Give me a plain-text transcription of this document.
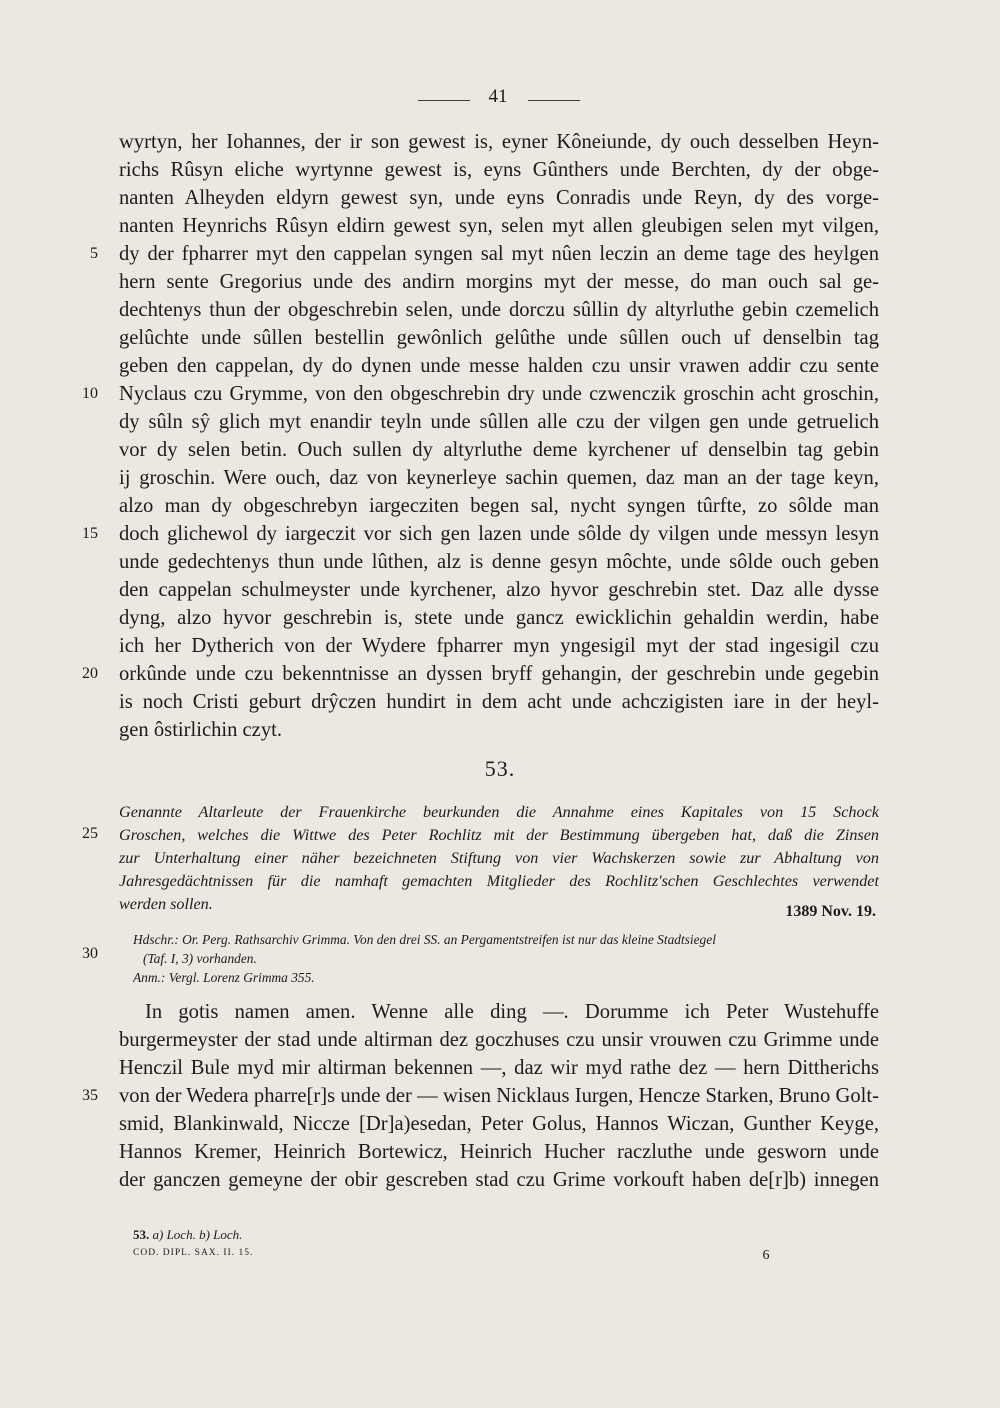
41
wyrtyn, her Iohannes, der ir son gewest is, eyner Kôneiunde, dy ouch desselben Heyn-
richs Rûsyn eliche wyrtynne gewest is, eyns Gûnthers unde Berchten, dy der obge-
nanten Alheyden eldyrn gewest syn, unde eyns Conradis unde Reyn, dy des vorge-
nanten Heynrichs Rûsyn eldirn gewest syn, selen myt allen gleubigen selen myt vilgen,
dy der fpharrer myt den cappelan syngen sal myt nûen leczin an deme tage des heylgen
hern sente Gregorius unde des andirn morgins myt der messe, do man ouch sal ge-
dechtenys thun der obgeschrebin selen, unde dorczu sûllin dy altyrluthe gebin czemelich
gelûchte unde sûllen bestellin gewônlich gelûthe unde sûllen ouch uf denselbin tag
geben den cappelan, dy do dynen unde messe halden czu unsir vrawen addir czu sente
Nyclaus czu Grymme, von den obgeschrebin dry unde czwenczik groschin acht groschin,
dy sûln sŷ glich myt enandir teyln unde sûllen alle czu der vilgen gen unde getruelich
vor dy selen betin. Ouch sullen dy altyrluthe deme kyrchener uf denselbin tag gebin
ij groschin. Were ouch, daz von keynerleye sachin quemen, daz man an der tage keyn,
alzo man dy obgeschrebyn iargecziten begen sal, nycht syngen tûrfte, zo sôlde man
doch glichewol dy iargeczit vor sich gen lazen unde sôlde dy vilgen unde messyn lesyn
unde gedechtenys thun unde lûthen, alz is denne gesyn môchte, unde sôlde ouch geben
den cappelan schulmeyster unde kyrchener, alzo hyvor geschrebin stet. Daz alle dysse
dyng, alzo hyvor geschrebin is, stete unde gancz ewicklichin gehaldin werdin, habe
ich her Dytherich von der Wydere fpharrer myn yngesigil myt der stad ingesigil czu
orkûnde unde czu bekenntnisse an dyssen bryff gehangin, der geschrebin unde gegebin
is noch Cristi geburt drŷczen hundirt in dem acht unde achczigisten iare in der heyl-
gen ôstirlichin czyt.
5
10
15
20
53.
Genannte Altarleute der Frauenkirche beurkunden die Annahme eines Kapitales von 15 Schock
Groschen, welches die Wittwe des Peter Rochlitz mit der Bestimmung übergeben hat, daß die Zinsen
zur Unterhaltung einer näher bezeichneten Stiftung von vier Wachskerzen sowie zur Abhaltung von
Jahresgedächtnissen für die namhaft gemachten Mitglieder des Rochlitz'schen Geschlechtes verwendet
werden sollen.	1389 Nov. 19.
25
Hdschr.: Or. Perg. Rathsarchiv Grimma. Von den drei SS. an Pergamentstreifen ist nur das kleine Stadtsiegel
(Taf. I, 3) vorhanden.
Anm.: Vergl. Lorenz Grimma 355.
30
In gotis namen amen. Wenne alle ding —. Dorumme ich Peter Wustehuffe
burgermeyster der stad unde altirman dez goczhuses czu unsir vrouwen czu Grimme unde
Henczil Bule myd mir altirman bekennen —, daz wir myd rathe dez — hern Dittherichs
von der Wedera pharre[r]s unde der — wisen Nicklaus Iurgen, Hencze Starken, Bruno Golt-
smid, Blankinwald, Niccze [Dr]a)esedan, Peter Golus, Hannos Wiczan, Gunther Keyge,
Hannos Kremer, Heinrich Bortewicz, Heinrich Hucher raczluthe unde gesworn unde
der ganczen gemeyne der obir gescreben stad czu Grime vorkouft haben de[r]b) innegen
35
53. a) Loch. b) Loch.
COD. DIPL. SAX. II. 15.	6
